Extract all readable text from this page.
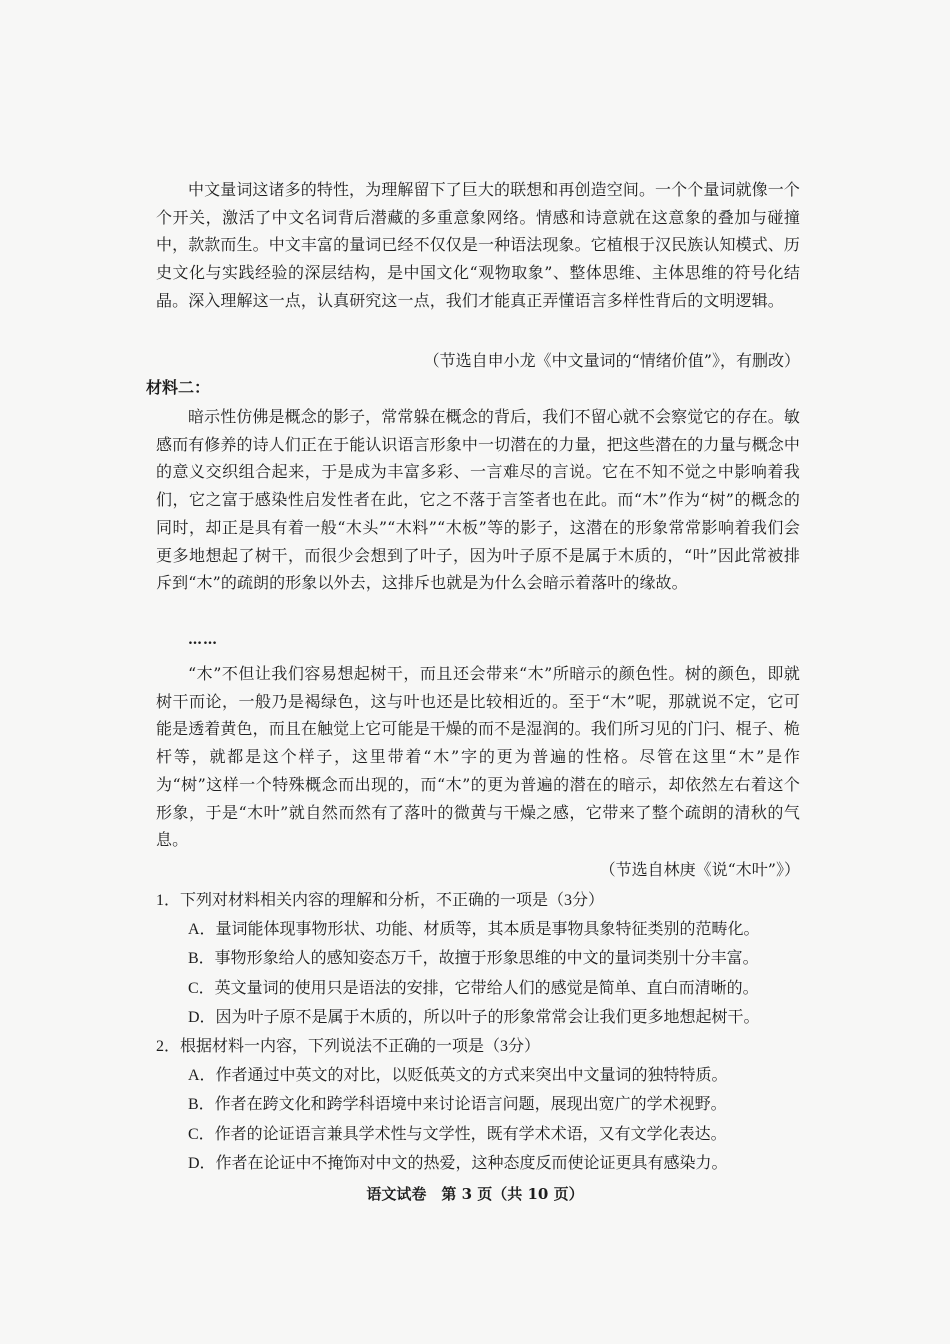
中文量词这诸多的特性，为理解留下了巨大的联想和再创造空间。一个个量词就像一个个开关，激活了中文名词背后潜藏的多重意象网络。情感和诗意就在这意象的叠加与碰撞中，款款而生。中文丰富的量词已经不仅仅是一种语法现象。它植根于汉民族认知模式、历史文化与实践经验的深层结构，是中国文化“观物取象”、整体思维、主体思维的符号化结晶。深入理解这一点，认真研究这一点，我们才能真正弄懂语言多样性背后的文明逻辑。

（节选自申小龙《中文量词的“情绪价值”》，有删改）
材料二：

暗示性仿佛是概念的影子，常常躲在概念的背后，我们不留心就不会察觉它的存在。敏感而有修养的诗人们正在于能认识语言形象中一切潜在的力量，把这些潜在的力量与概念中的意义交织组合起来，于是成为丰富多彩、一言难尽的言说。它在不知不觉之中影响着我们，它之富于感染性启发性者在此，它之不落于言筌者也在此。而“木”作为“树”的概念的同时，却正是具有着一般“木头”“木料”“木板”等的影子，这潜在的形象常常影响着我们会更多地想起了树干，而很少会想到了叶子，因为叶子原不是属于木质的，“叶”因此常被排斥到“木”的疏朗的形象以外去，这排斥也就是为什么会暗示着落叶的缘故。

……

“木”不但让我们容易想起树干，而且还会带来“木”所暗示的颜色性。树的颜色，即就树干而论，一般乃是褐绿色，这与叶也还是比较相近的。至于“木”呢，那就说不定，它可能是透着黄色，而且在触觉上它可能是干燥的而不是湿润的。我们所习见的门闩、棍子、桅杆等，就都是这个样子，这里带着“木”字的更为普遍的性格。尽管在这里“木”是作为“树”这样一个特殊概念而出现的，而“木”的更为普遍的潜在的暗示，却依然左右着这个形象，于是“木叶”就自然而然有了落叶的微黄与干燥之感，它带来了整个疏朗的清秋的气息。

（节选自林庚《说“木叶”》）
1．下列对材料相关内容的理解和分析，不正确的一项是（3分）
A．量词能体现事物形状、功能、材质等，其本质是事物具象特征类别的范畴化。
B．事物形象给人的感知姿态万千，故擅于形象思维的中文的量词类别十分丰富。
C．英文量词的使用只是语法的安排，它带给人们的感觉是简单、直白而清晰的。
D．因为叶子原不是属于木质的，所以叶子的形象常常会让我们更多地想起树干。
2．根据材料一内容，下列说法不正确的一项是（3分）
A．作者通过中英文的对比，以贬低英文的方式来突出中文量词的独特特质。
B．作者在跨文化和跨学科语境中来讨论语言问题，展现出宽广的学术视野。
C．作者的论证语言兼具学术性与文学性，既有学术术语，又有文学化表达。
D．作者在论证中不掩饰对中文的热爱，这种态度反而使论证更具有感染力。
语文试卷　第 3 页（共 10 页）
